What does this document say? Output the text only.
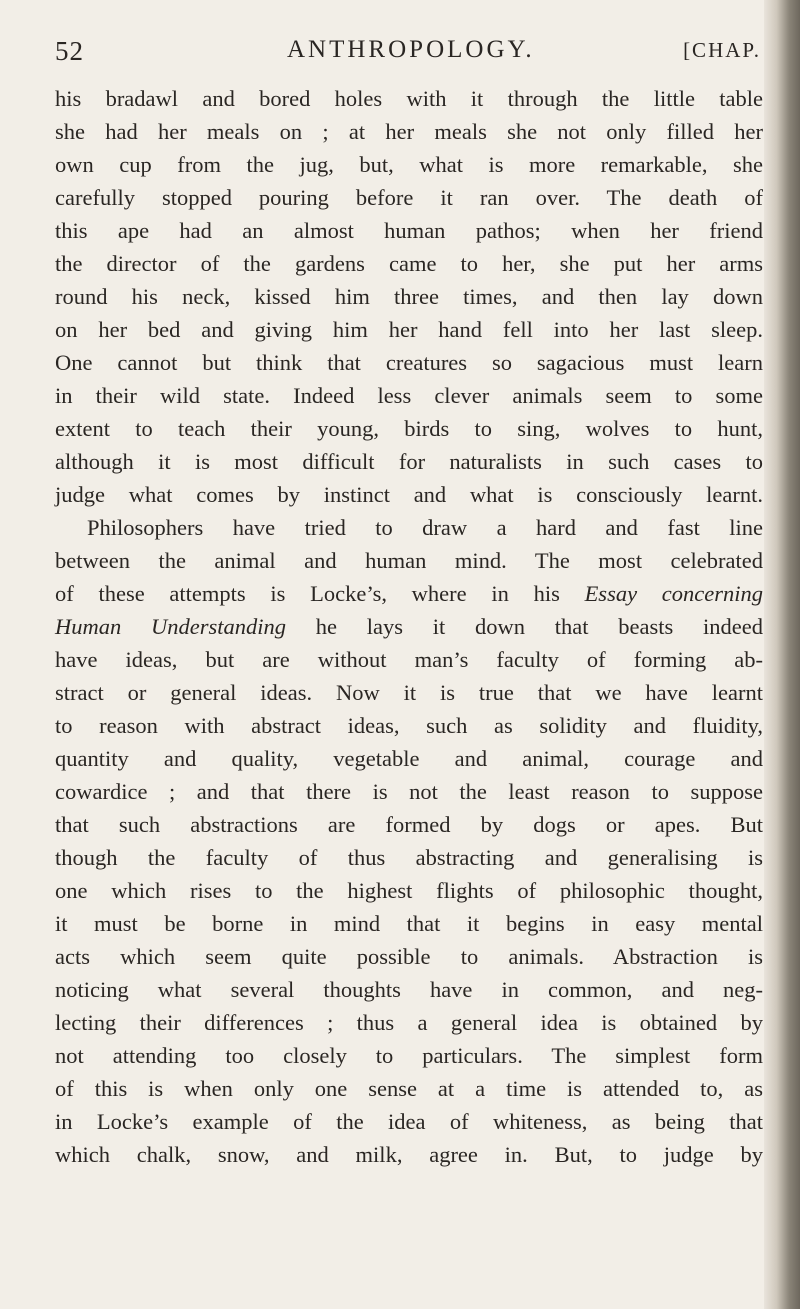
52	ANTHROPOLOGY.	[CHAP.
his bradawl and bored holes with it through the little table
she had her meals on ; at her meals she not only filled her
own cup from the jug, but, what is more remarkable, she
carefully stopped pouring before it ran over. The death of
this ape had an almost human pathos; when her friend
the director of the gardens came to her, she put her arms
round his neck, kissed him three times, and then lay down
on her bed and giving him her hand fell into her last sleep.
One cannot but think that creatures so sagacious must learn
in their wild state. Indeed less clever animals seem to some
extent to teach their young, birds to sing, wolves to hunt,
although it is most difficult for naturalists in such cases to
judge what comes by instinct and what is consciously learnt.
Philosophers have tried to draw a hard and fast line
between the animal and human mind. The most celebrated
of these attempts is Locke’s, where in his Essay concerning
Human Understanding he lays it down that beasts indeed
have ideas, but are without man’s faculty of forming ab-
stract or general ideas. Now it is true that we have learnt
to reason with abstract ideas, such as solidity and fluidity,
quantity and quality, vegetable and animal, courage and
cowardice ; and that there is not the least reason to suppose
that such abstractions are formed by dogs or apes. But
though the faculty of thus abstracting and generalising is
one which rises to the highest flights of philosophic thought,
it must be borne in mind that it begins in easy mental
acts which seem quite possible to animals. Abstraction is
noticing what several thoughts have in common, and neg-
lecting their differences ; thus a general idea is obtained by
not attending too closely to particulars. The simplest form
of this is when only one sense at a time is attended to, as
in Locke’s example of the idea of whiteness, as being that
which chalk, snow, and milk, agree in. But, to judge by
